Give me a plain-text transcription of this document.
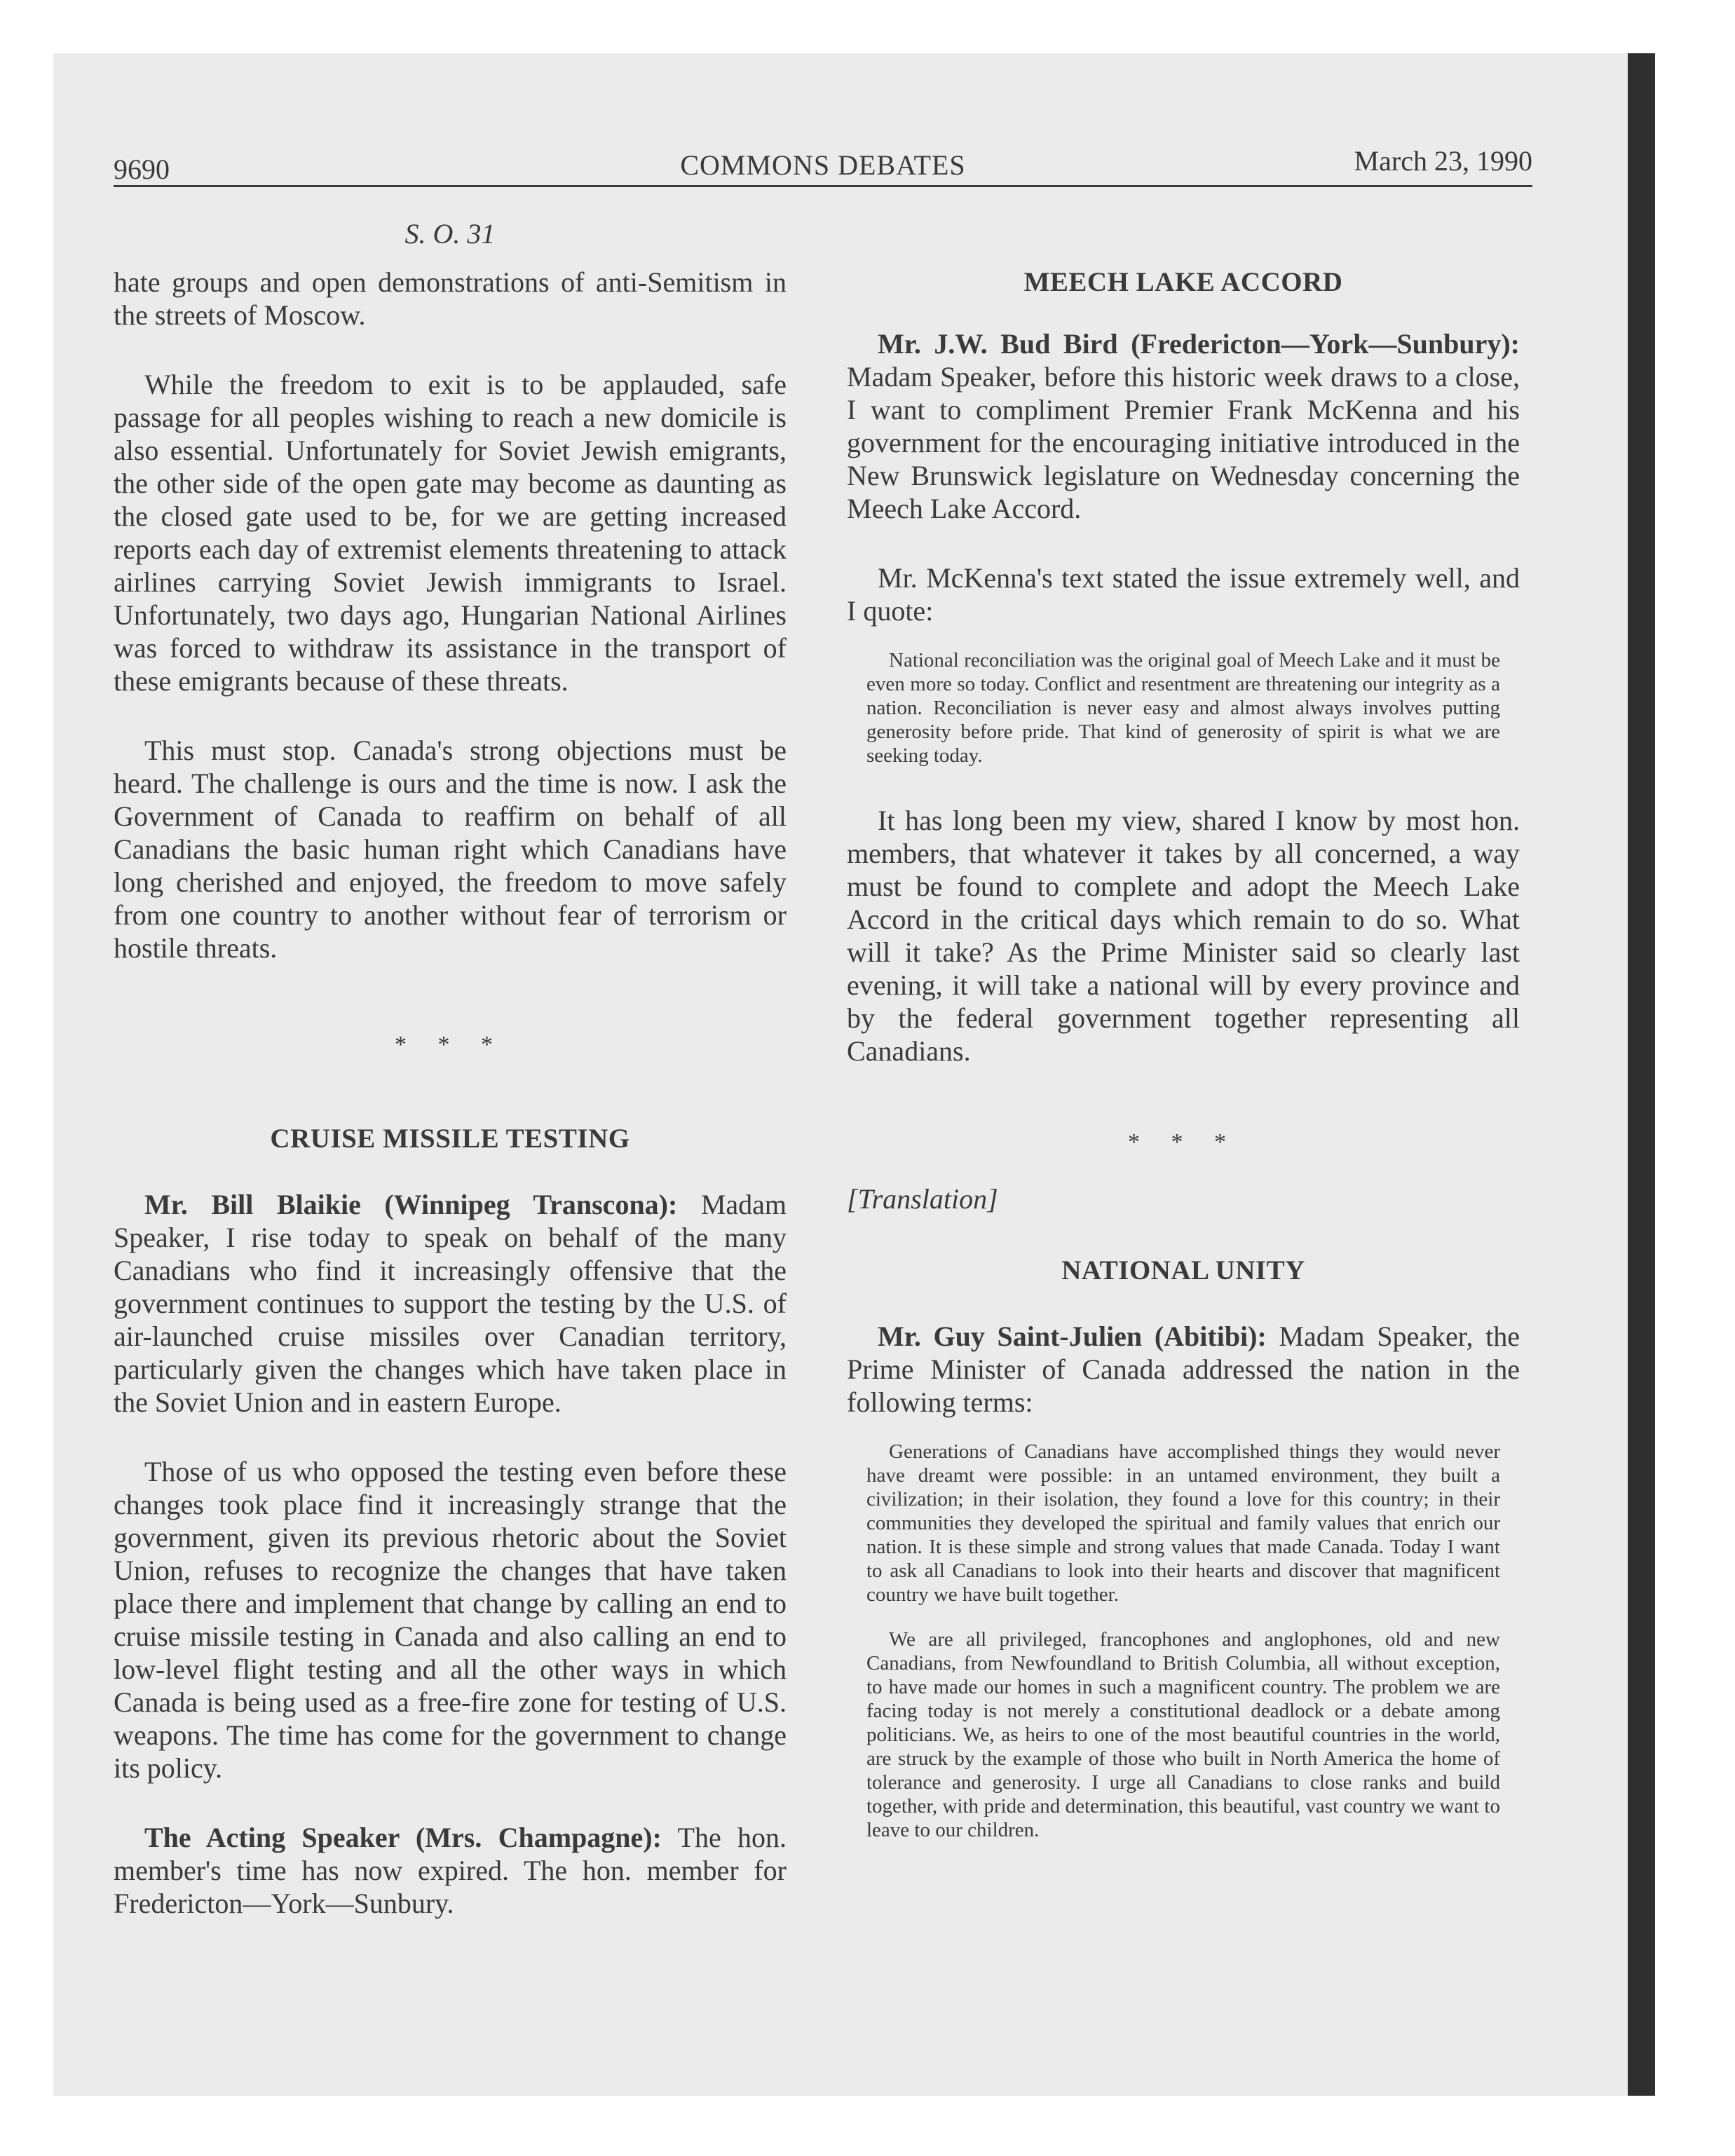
9690	COMMONS DEBATES	March 23, 1990

S. O. 31

hate groups and open demonstrations of anti-Semitism in the streets of Moscow.

While the freedom to exit is to be applauded, safe passage for all peoples wishing to reach a new domicile is also essential. Unfortunately for Soviet Jewish emigrants, the other side of the open gate may become as daunting as the closed gate used to be, for we are getting increased reports each day of extremist elements threatening to attack airlines carrying Soviet Jewish immigrants to Israel. Unfortunately, two days ago, Hungarian National Airlines was forced to withdraw its assistance in the transport of these emigrants because of these threats.

This must stop. Canada's strong objections must be heard. The challenge is ours and the time is now. I ask the Government of Canada to reaffirm on behalf of all Canadians the basic human right which Canadians have long cherished and enjoyed, the freedom to move safely from one country to another without fear of terrorism or hostile threats.

* * *

CRUISE MISSILE TESTING

Mr. Bill Blaikie (Winnipeg Transcona): Madam Speaker, I rise today to speak on behalf of the many Canadians who find it increasingly offensive that the government continues to support the testing by the U.S. of air-launched cruise missiles over Canadian territory, particularly given the changes which have taken place in the Soviet Union and in eastern Europe.

Those of us who opposed the testing even before these changes took place find it increasingly strange that the government, given its previous rhetoric about the Soviet Union, refuses to recognize the changes that have taken place there and implement that change by calling an end to cruise missile testing in Canada and also calling an end to low-level flight testing and all the other ways in which Canada is being used as a free-fire zone for testing of U.S. weapons. The time has come for the government to change its policy.

The Acting Speaker (Mrs. Champagne): The hon. member's time has now expired. The hon. member for Fredericton—York—Sunbury.

MEECH LAKE ACCORD

Mr. J.W. Bud Bird (Fredericton—York—Sunbury): Madam Speaker, before this historic week draws to a close, I want to compliment Premier Frank McKenna and his government for the encouraging initiative introduced in the New Brunswick legislature on Wednesday concerning the Meech Lake Accord.

Mr. McKenna's text stated the issue extremely well, and I quote:

National reconciliation was the original goal of Meech Lake and it must be even more so today. Conflict and resentment are threatening our integrity as a nation. Reconciliation is never easy and almost always involves putting generosity before pride. That kind of generosity of spirit is what we are seeking today.

It has long been my view, shared I know by most hon. members, that whatever it takes by all concerned, a way must be found to complete and adopt the Meech Lake Accord in the critical days which remain to do so. What will it take? As the Prime Minister said so clearly last evening, it will take a national will by every province and by the federal government together representing all Canadians.

* * *

[Translation]

NATIONAL UNITY

Mr. Guy Saint-Julien (Abitibi): Madam Speaker, the Prime Minister of Canada addressed the nation in the following terms:

Generations of Canadians have accomplished things they would never have dreamt were possible: in an untamed environment, they built a civilization; in their isolation, they found a love for this country; in their communities they developed the spiritual and family values that enrich our nation. It is these simple and strong values that made Canada. Today I want to ask all Canadians to look into their hearts and discover that magnificent country we have built together.

We are all privileged, francophones and anglophones, old and new Canadians, from Newfoundland to British Columbia, all without exception, to have made our homes in such a magnificent country. The problem we are facing today is not merely a constitutional deadlock or a debate among politicians. We, as heirs to one of the most beautiful countries in the world, are struck by the example of those who built in North America the home of tolerance and generosity. I urge all Canadians to close ranks and build together, with pride and determination, this beautiful, vast country we want to leave to our children.
